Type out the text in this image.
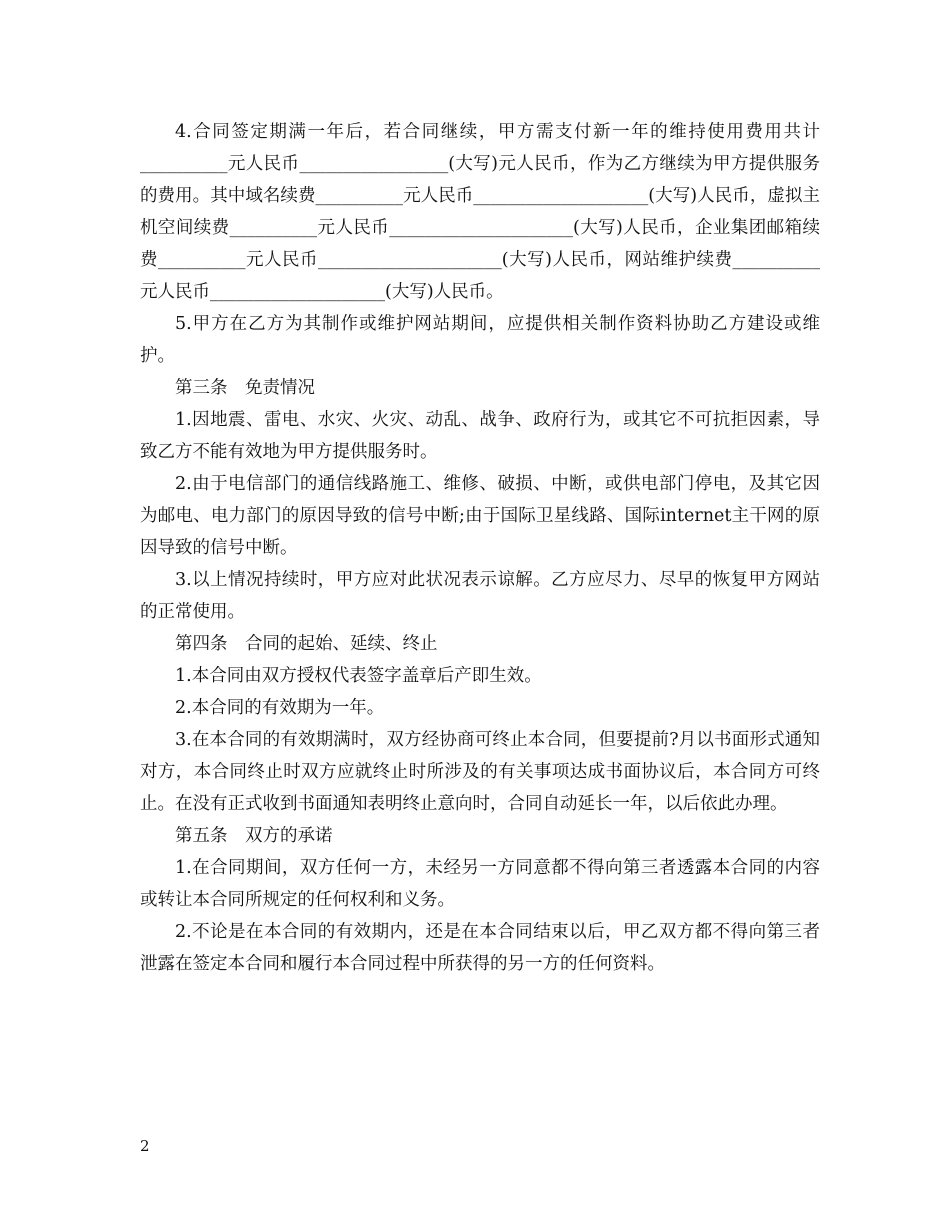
4.合同签定期满一年后，若合同继续，甲方需支付新一年的维持使用费用共计__________元人民币_________________(大写)元人民币，作为乙方继续为甲方提供服务的费用。其中域名续费__________元人民币____________________(大写)人民币，虚拟主机空间续费__________元人民币_____________________(大写)人民币，企业集团邮箱续费__________元人民币_____________________(大写)人民币，网站维护续费__________元人民币____________________(大写)人民币。

5.甲方在乙方为其制作或维护网站期间，应提供相关制作资料协助乙方建设或维护。

第三条　免责情况

1.因地震、雷电、水灾、火灾、动乱、战争、政府行为，或其它不可抗拒因素，导致乙方不能有效地为甲方提供服务时。

2.由于电信部门的通信线路施工、维修、破损、中断，或供电部门停电，及其它因为邮电、电力部门的原因导致的信号中断;由于国际卫星线路、国际internet主干网的原因导致的信号中断。

3.以上情况持续时，甲方应对此状况表示谅解。乙方应尽力、尽早的恢复甲方网站的正常使用。

第四条　合同的起始、延续、终止

1.本合同由双方授权代表签字盖章后产即生效。

2.本合同的有效期为一年。

3.在本合同的有效期满时，双方经协商可终止本合同，但要提前?月以书面形式通知对方，本合同终止时双方应就终止时所涉及的有关事项达成书面协议后，本合同方可终止。在没有正式收到书面通知表明终止意向时，合同自动延长一年，以后依此办理。

第五条　双方的承诺

1.在合同期间，双方任何一方，未经另一方同意都不得向第三者透露本合同的内容或转让本合同所规定的任何权利和义务。

2.不论是在本合同的有效期内，还是在本合同结束以后，甲乙双方都不得向第三者泄露在签定本合同和履行本合同过程中所获得的另一方的任何资料。

2
